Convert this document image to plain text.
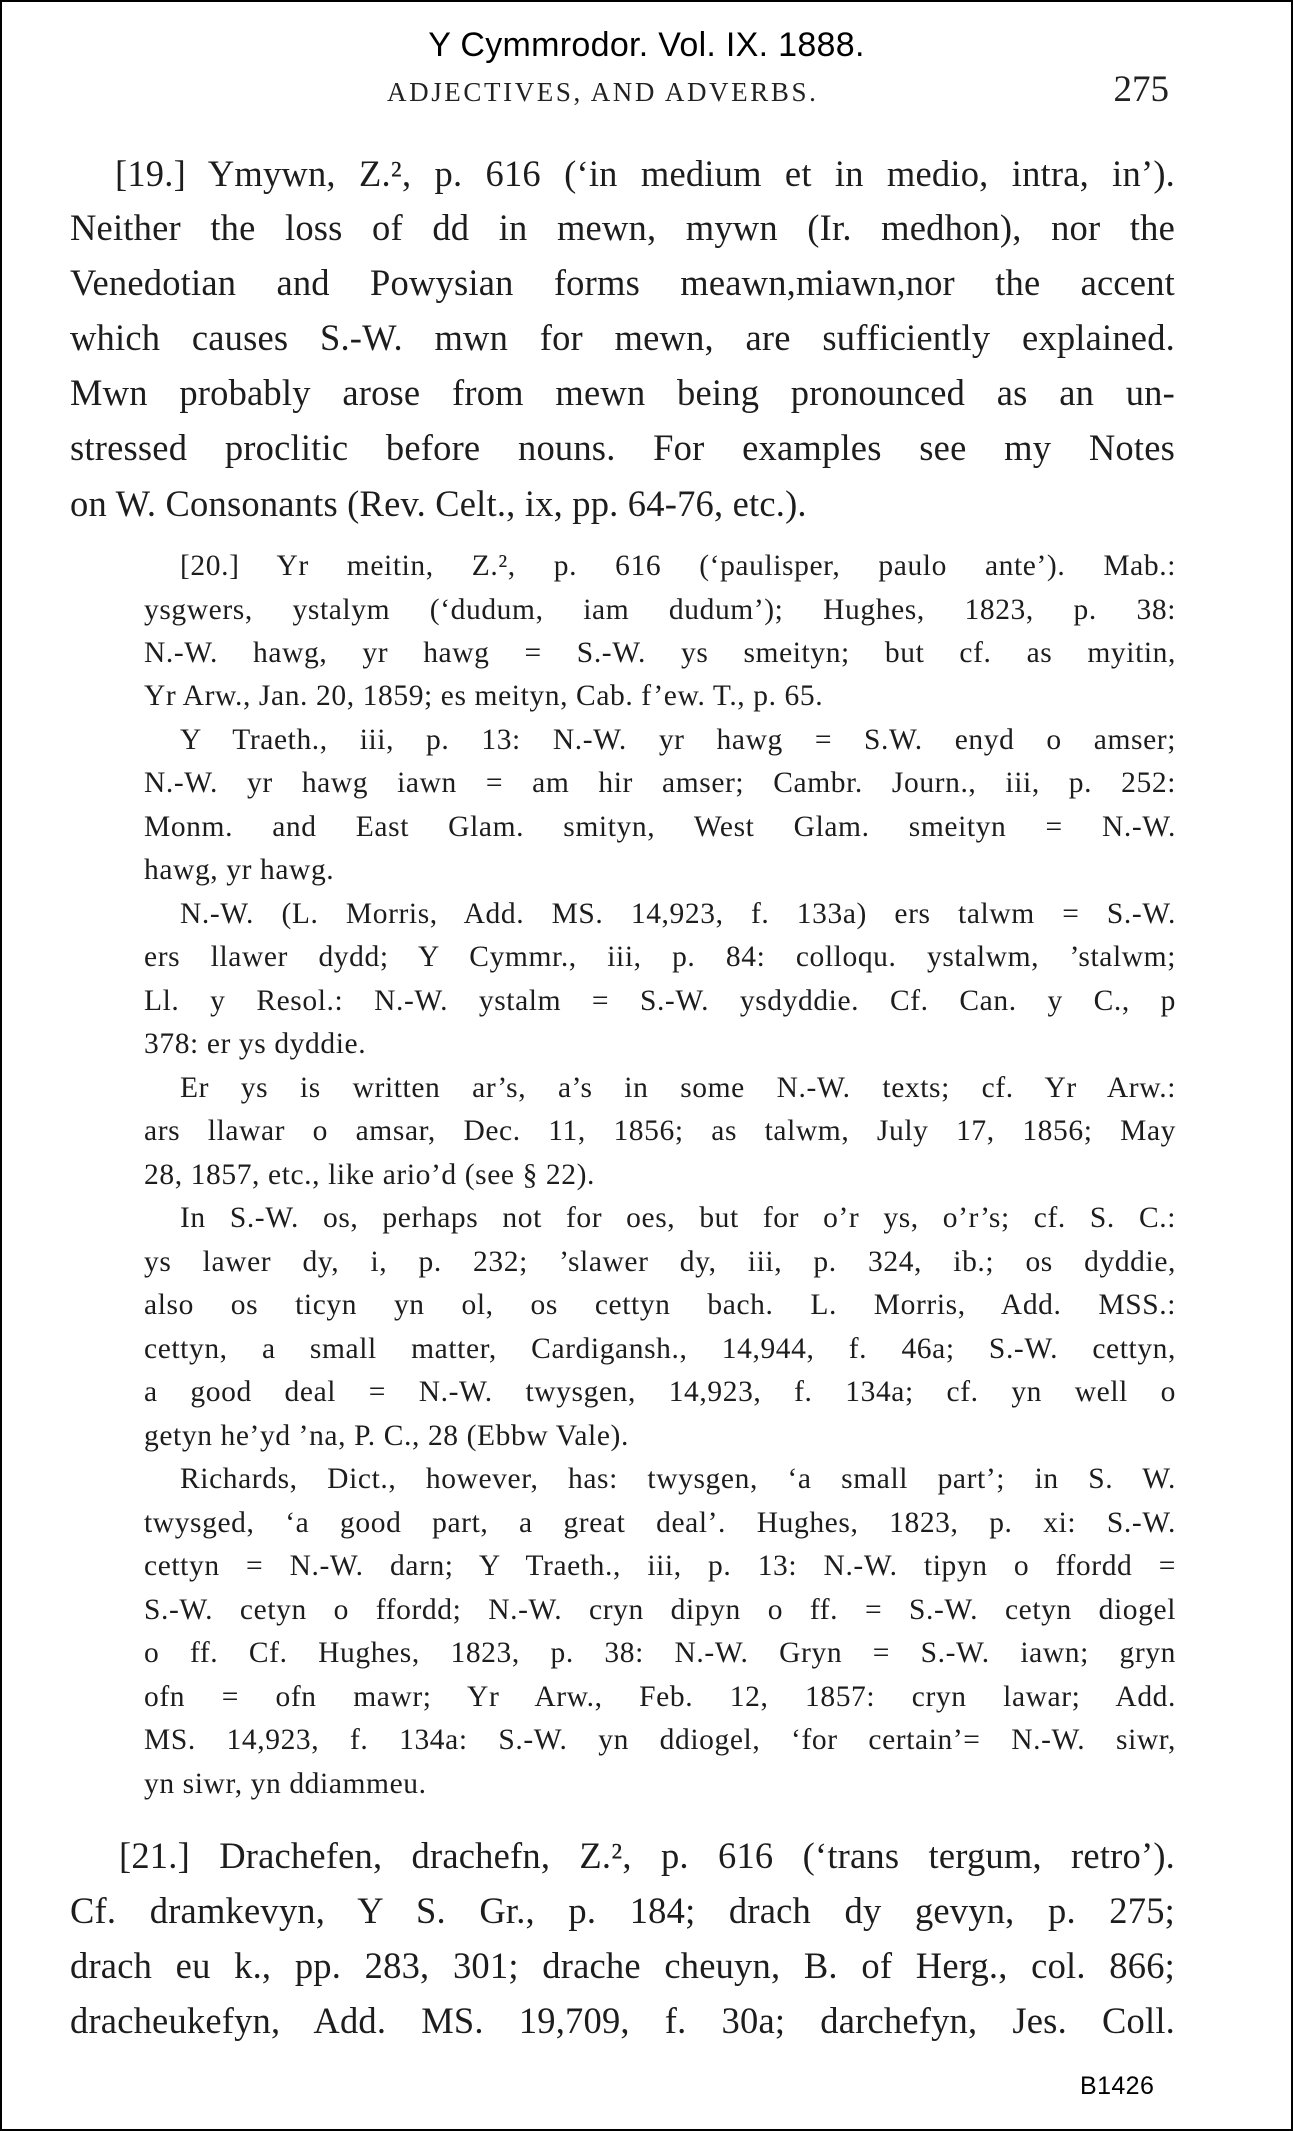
Y Cymmrodor. Vol. IX. 1888.
ADJECTIVES, AND ADVERBS.	275
[19.] Ymywn, Z.², p. 616 (‘in medium et in medio, intra, in’).
Neither the loss of dd in mewn, mywn (Ir. medhon), nor the
Venedotian and Powysian forms meawn,miawn,nor the accent
which causes S.-W. mwn for mewn, are sufficiently explained.
Mwn probably arose from mewn being pronounced as an un-
stressed proclitic before nouns. For examples see my Notes
on W. Consonants (Rev. Celt., ix, pp. 64-76, etc.).
[20.] Yr meitin, Z.², p. 616 (‘paulisper, paulo ante’). Mab.:
ysgwers, ystalym (‘dudum, iam dudum’); Hughes, 1823, p. 38:
N.-W. hawg, yr hawg = S.-W. ys smeityn; but cf. as myitin,
Yr Arw., Jan. 20, 1859; es meityn, Cab. f’ew. T., p. 65.
Y Traeth., iii, p. 13: N.-W. yr hawg = S.W. enyd o amser;
N.-W. yr hawg iawn = am hir amser; Cambr. Journ., iii, p. 252:
Monm. and East Glam. smityn, West Glam. smeityn = N.-W.
hawg, yr hawg.
N.-W. (L. Morris, Add. MS. 14,923, f. 133a) ers talwm = S.-W.
ers llawer dydd; Y Cymmr., iii, p. 84: colloqu. ystalwm, ’stalwm;
Ll. y Resol.: N.-W. ystalm = S.-W. ysdyddie. Cf. Can. y C., p
378: er ys dyddie.
Er ys is written ar’s, a’s in some N.-W. texts; cf. Yr Arw.:
ars llawar o amsar, Dec. 11, 1856; as talwm, July 17, 1856; May
28, 1857, etc., like ario’d (see § 22).
In S.-W. os, perhaps not for oes, but for o’r ys, o’r’s; cf. S. C.:
ys lawer dy, i, p. 232; ’slawer dy, iii, p. 324, ib.; os dyddie,
also os ticyn yn ol, os cettyn bach. L. Morris, Add. MSS.:
cettyn, a small matter, Cardigansh., 14,944, f. 46a; S.-W. cettyn,
a good deal = N.-W. twysgen, 14,923, f. 134a; cf. yn well o
getyn he’yd ’na, P. C., 28 (Ebbw Vale).
Richards, Dict., however, has: twysgen, ‘a small part’; in S. W.
twysged, ‘a good part, a great deal’. Hughes, 1823, p. xi: S.-W.
cettyn = N.-W. darn; Y Traeth., iii, p. 13: N.-W. tipyn o ffordd =
S.-W. cetyn o ffordd; N.-W. cryn dipyn o ff. = S.-W. cetyn diogel
o ff. Cf. Hughes, 1823, p. 38: N.-W. Gryn = S.-W. iawn; gryn
ofn = ofn mawr; Yr Arw., Feb. 12, 1857: cryn lawar; Add.
MS. 14,923, f. 134a: S.-W. yn ddiogel, ‘for certain’= N.-W. siwr,
yn siwr, yn ddiammeu.
[21.] Drachefen, drachefn, Z.², p. 616 (‘trans tergum, retro’).
Cf. dramkevyn, Y S. Gr., p. 184; drach dy gevyn, p. 275;
drach eu k., pp. 283, 301; drache cheuyn, B. of Herg., col. 866;
dracheukefyn, Add. MS. 19,709, f. 30a; darchefyn, Jes. Coll.
B1426
